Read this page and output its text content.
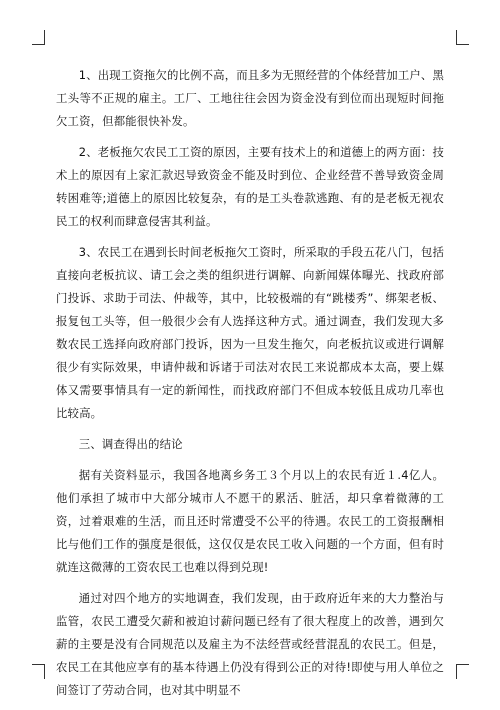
1、出现工资拖欠的比例不高，而且多为无照经营的个体经营加工户、黑工头等不正规的雇主。工厂、工地往往会因为资金没有到位而出现短时间拖欠工资，但都能很快补发。

2、老板拖欠农民工工资的原因，主要有技术上的和道德上的两方面：技术上的原因有上家汇款迟导致资金不能及时到位、企业经营不善导致资金周转困难等;道德上的原因比较复杂，有的是工头卷款逃跑、有的是老板无视农民工的权利而肆意侵害其利益。

3、农民工在遇到长时间老板拖欠工资时，所采取的手段五花八门，包括直接向老板抗议、请工会之类的组织进行调解、向新闻媒体曝光、找政府部门投诉、求助于司法、仲裁等，其中，比较极端的有“跳楼秀”、绑架老板、报复包工头等，但一般很少会有人选择这种方式。通过调查，我们发现大多数农民工选择向政府部门投诉，因为一旦发生拖欠，向老板抗议或进行调解很少有实际效果，申请仲裁和诉诸于司法对农民工来说都成本太高，要上媒体又需要事情具有一定的新闻性，而找政府部门不但成本较低且成功几率也比较高。

三、调查得出的结论

据有关资料显示，我国各地离乡务工３个月以上的农民有近１.4亿人。他们承担了城市中大部分城市人不愿干的累活、脏活，却只拿着微薄的工资，过着艰难的生活，而且还时常遭受不公平的待遇。农民工的工资报酬相比与他们工作的强度是很低，这仅仅是农民工收入问题的一个方面，但有时就连这微薄的工资农民工也难以得到兑现!

通过对四个地方的实地调查，我们发现，由于政府近年来的大力整治与监管，农民工遭受欠薪和被迫讨薪问题已经有了很大程度上的改善，遇到欠薪的主要是没有合同规范以及雇主为不法经营或经营混乱的农民工。但是，农民工在其他应享有的基本待遇上仍没有得到公正的对待!即使与用人单位之间签订了劳动合同，也对其中明显不
